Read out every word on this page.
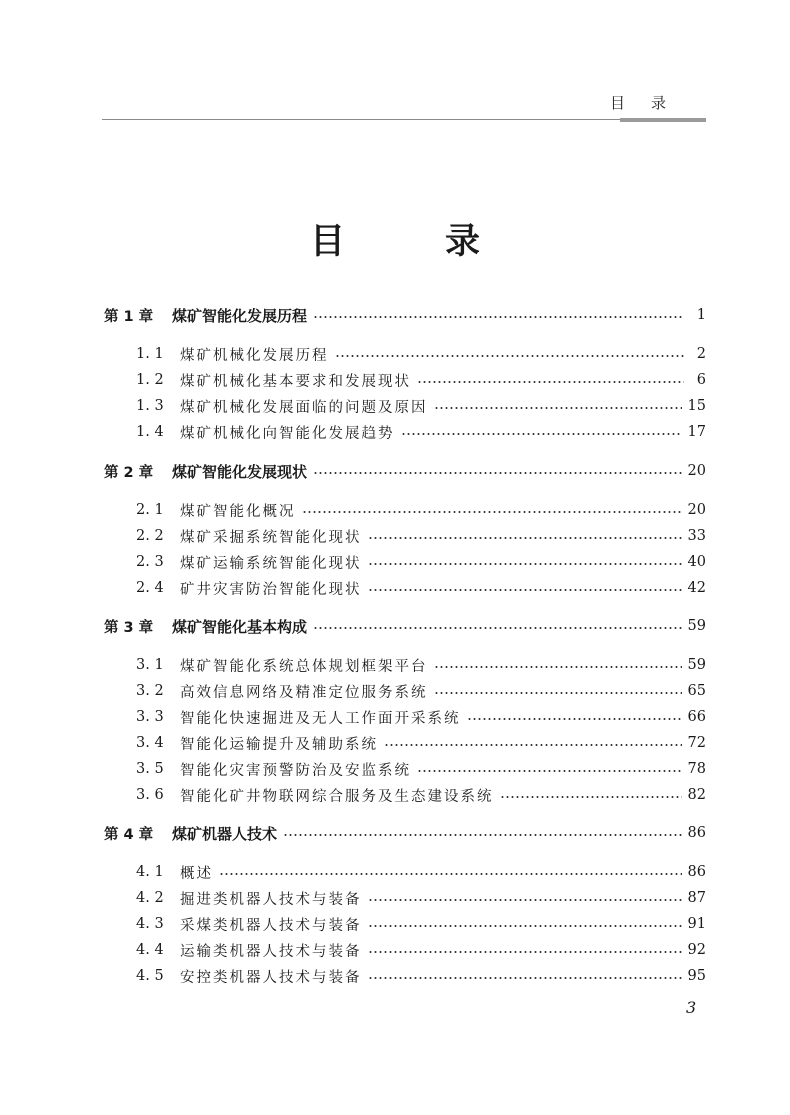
目录
目录
第 1 章	煤矿智能化发展历程	1
1. 1	煤矿机械化发展历程	2
1. 2	煤矿机械化基本要求和发展现状	6
1. 3	煤矿机械化发展面临的问题及原因	15
1. 4	煤矿机械化向智能化发展趋势	17
第 2 章	煤矿智能化发展现状	20
2. 1	煤矿智能化概况	20
2. 2	煤矿采掘系统智能化现状	33
2. 3	煤矿运输系统智能化现状	40
2. 4	矿井灾害防治智能化现状	42
第 3 章	煤矿智能化基本构成	59
3. 1	煤矿智能化系统总体规划框架平台	59
3. 2	高效信息网络及精准定位服务系统	65
3. 3	智能化快速掘进及无人工作面开采系统	66
3. 4	智能化运输提升及辅助系统	72
3. 5	智能化灾害预警防治及安监系统	78
3. 6	智能化矿井物联网综合服务及生态建设系统	82
第 4 章	煤矿机器人技术	86
4. 1	概述	86
4. 2	掘进类机器人技术与装备	87
4. 3	采煤类机器人技术与装备	91
4. 4	运输类机器人技术与装备	92
4. 5	安控类机器人技术与装备	95
3
